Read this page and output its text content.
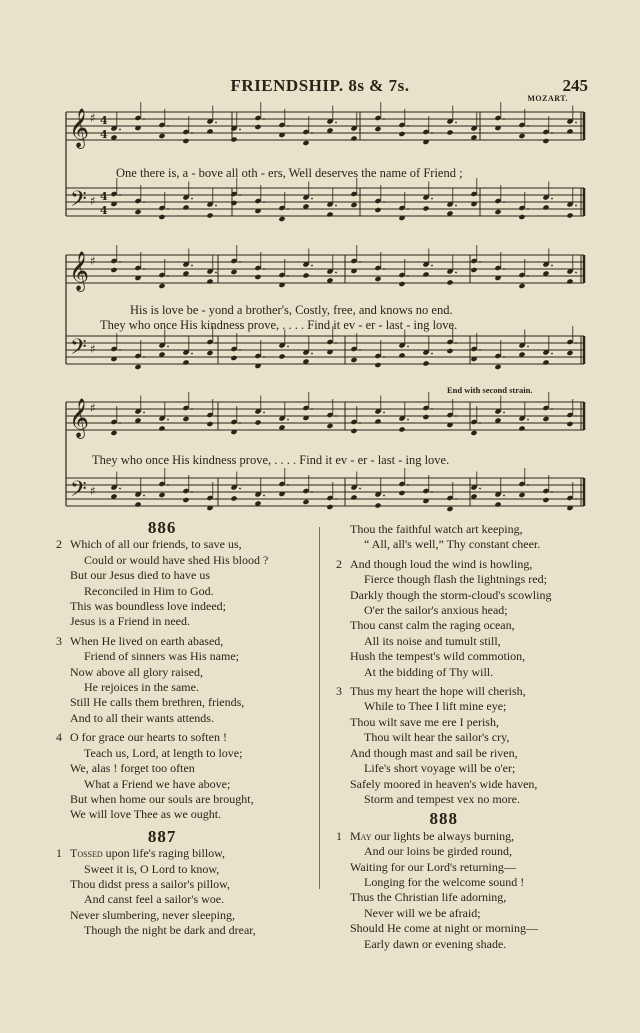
FRIENDSHIP. 8s & 7s.	245
MOZART.
𝄞
𝄢
♯
♯
𝄞
𝄢
♯
♯
𝄞
𝄢
♯
♯
4
4
4
4
One there is, a - bove all oth - ers, Well deserves the name of Friend ;
His is love be - yond a brother's, Costly, free, and knows no end.
They who once His kindness prove, . . . . Find it ev - er - last - ing love.
End with second strain.
They who once His kindness prove, . . . . Find it ev - er - last - ing love.
886
2 Which of all our friends, to save us,
Could or would have shed His blood ?
But our Jesus died to have us
Reconciled in Him to God.
This was boundless love indeed;
Jesus is a Friend in need.
3 When He lived on earth abased,
Friend of sinners was His name;
Now above all glory raised,
He rejoices in the same.
Still He calls them brethren, friends,
And to all their wants attends.
4 O for grace our hearts to soften !
Teach us, Lord, at length to love;
We, alas ! forget too often
What a Friend we have above;
But when home our souls are brought,
We will love Thee as we ought.
887
1 Tossed upon life's raging billow,
Sweet it is, O Lord to know,
Thou didst press a sailor's pillow,
And canst feel a sailor's woe.
Never slumbering, never sleeping,
Though the night be dark and drear,
Thou the faithful watch art keeping,
“ All, all's well,” Thy constant cheer.
2 And though loud the wind is howling,
Fierce though flash the lightnings red;
Darkly though the storm-cloud's scowling
O'er the sailor's anxious head;
Thou canst calm the raging ocean,
All its noise and tumult still,
Hush the tempest's wild commotion,
At the bidding of Thy will.
3 Thus my heart the hope will cherish,
While to Thee I lift mine eye;
Thou wilt save me ere I perish,
Thou wilt hear the sailor's cry,
And though mast and sail be riven,
Life's short voyage will be o'er;
Safely moored in heaven's wide haven,
Storm and tempest vex no more.
888
1 May our lights be always burning,
And our loins be girded round,
Waiting for our Lord's returning—
Longing for the welcome sound !
Thus the Christian life adorning,
Never will we be afraid;
Should He come at night or morning—
Early dawn or evening shade.
